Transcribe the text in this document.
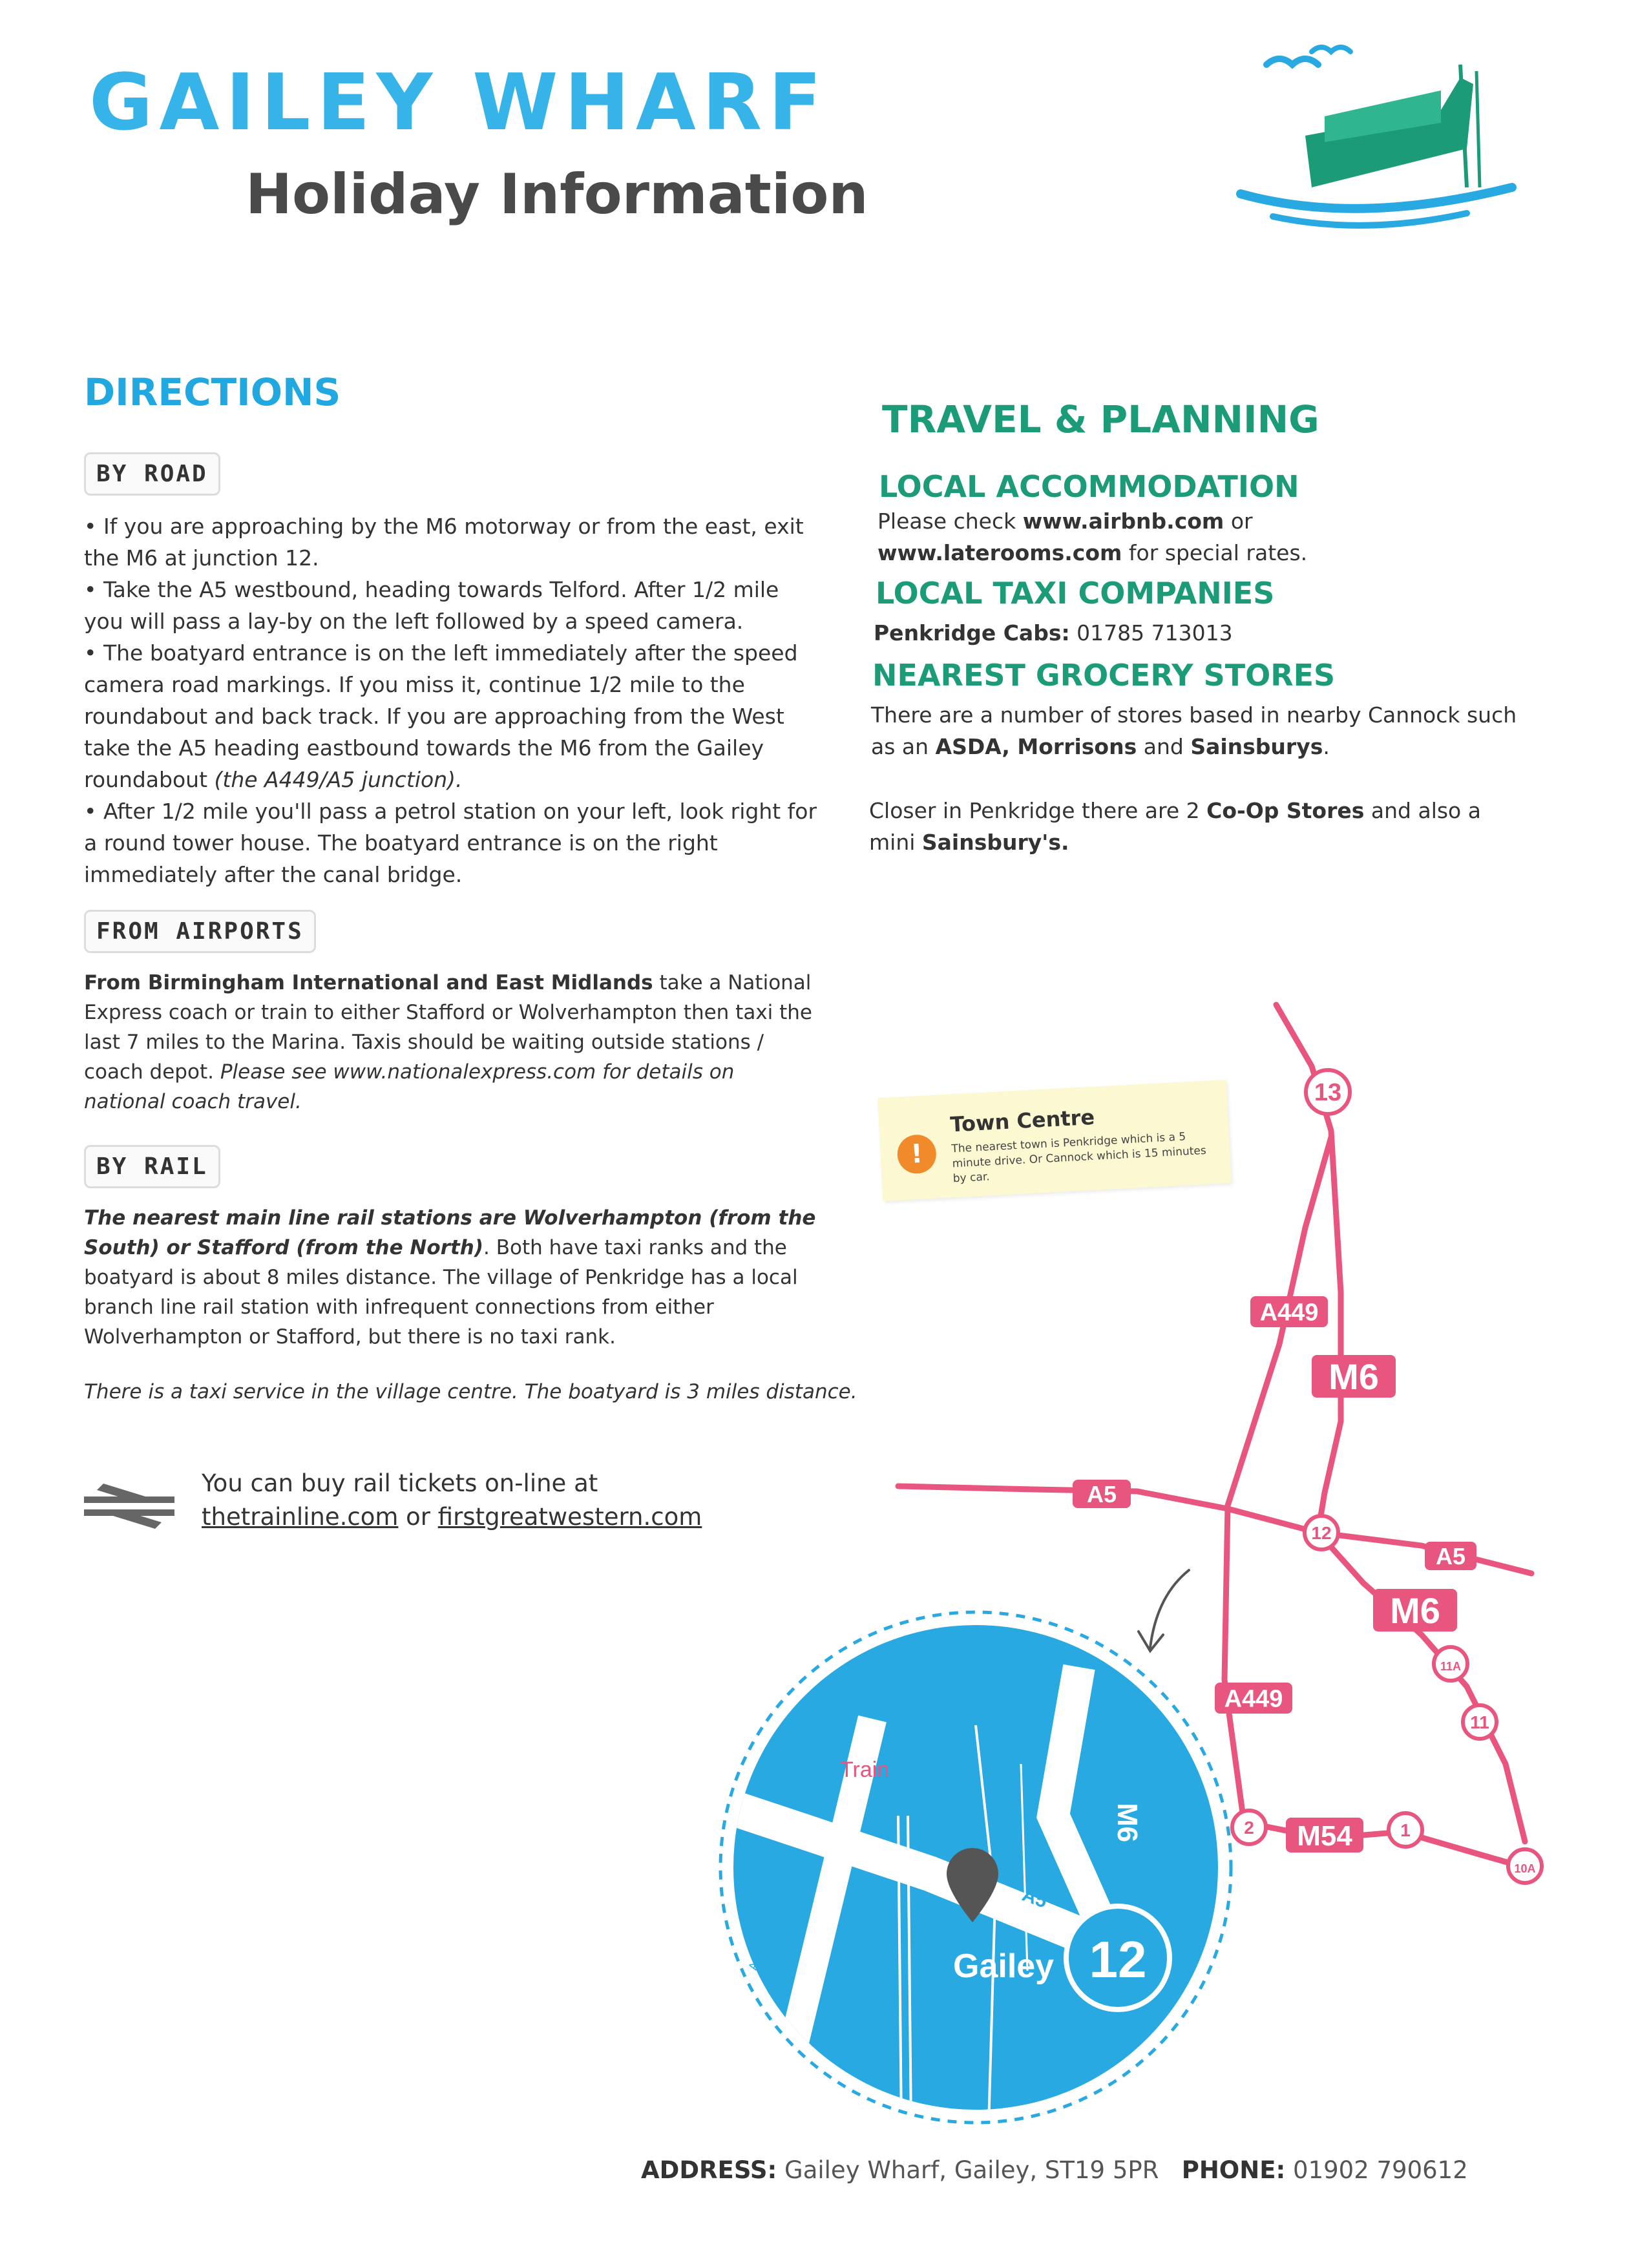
GAILEY WHARF
Holiday Information
DIRECTIONS
BY ROAD
• If you are approaching by the M6 motorway or from the east, exit the M6 at junction 12.
• Take the A5 westbound, heading towards Telford. After 1/2 mile you will pass a lay-by on the left followed by a speed camera.
• The boatyard entrance is on the left immediately after the speed camera road markings. If you miss it, continue 1/2 mile to the roundabout and back track. If you are approaching from the West take the A5 heading eastbound towards the M6 from the Gailey roundabout (the A449/A5 junction).
• After 1/2 mile you'll pass a petrol station on your left, look right for a round tower house. The boatyard entrance is on the right immediately after the canal bridge.
FROM AIRPORTS
From Birmingham International and East Midlands take a National Express coach or train to either Stafford or Wolverhampton then taxi the last 7 miles to the Marina. Taxis should be waiting outside stations / coach depot. Please see www.nationalexpress.com for details on national coach travel.
BY RAIL
The nearest main line rail stations are Wolverhampton (from the South) or Stafford (from the North). Both have taxi ranks and the boatyard is about 8 miles distance. The village of Penkridge has a local branch line rail station with infrequent connections from either Wolverhampton or Stafford, but there is no taxi rank.
There is a taxi service in the village centre. The boatyard is 3 miles distance.
You can buy rail tickets on-line at
thetrainline.com or firstgreatwestern.com
TRAVEL & PLANNING
LOCAL ACCOMMODATION
Please check www.airbnb.com or
www.laterooms.com for special rates.
LOCAL TAXI COMPANIES
Penkridge Cabs: 01785 713013
NEAREST GROCERY STORES
There are a number of stores based in nearby Cannock such as an ASDA, Morrisons and Sainsburys.
Closer in Penkridge there are 2 Co-Op Stores and also a mini Sainsbury's.
13
12
11A
11
10A
2	1
A449
M6
A5
A5
M6
A449
M54
!
Town Centre
The nearest town is Penkridge which is a 5 minute drive. Or Cannock which is 15 minutes by car.
Train
M6
A5
A449	Gailey 12
ADDRESS: Gailey Wharf, Gailey, ST19 5PR PHONE: 01902 790612
